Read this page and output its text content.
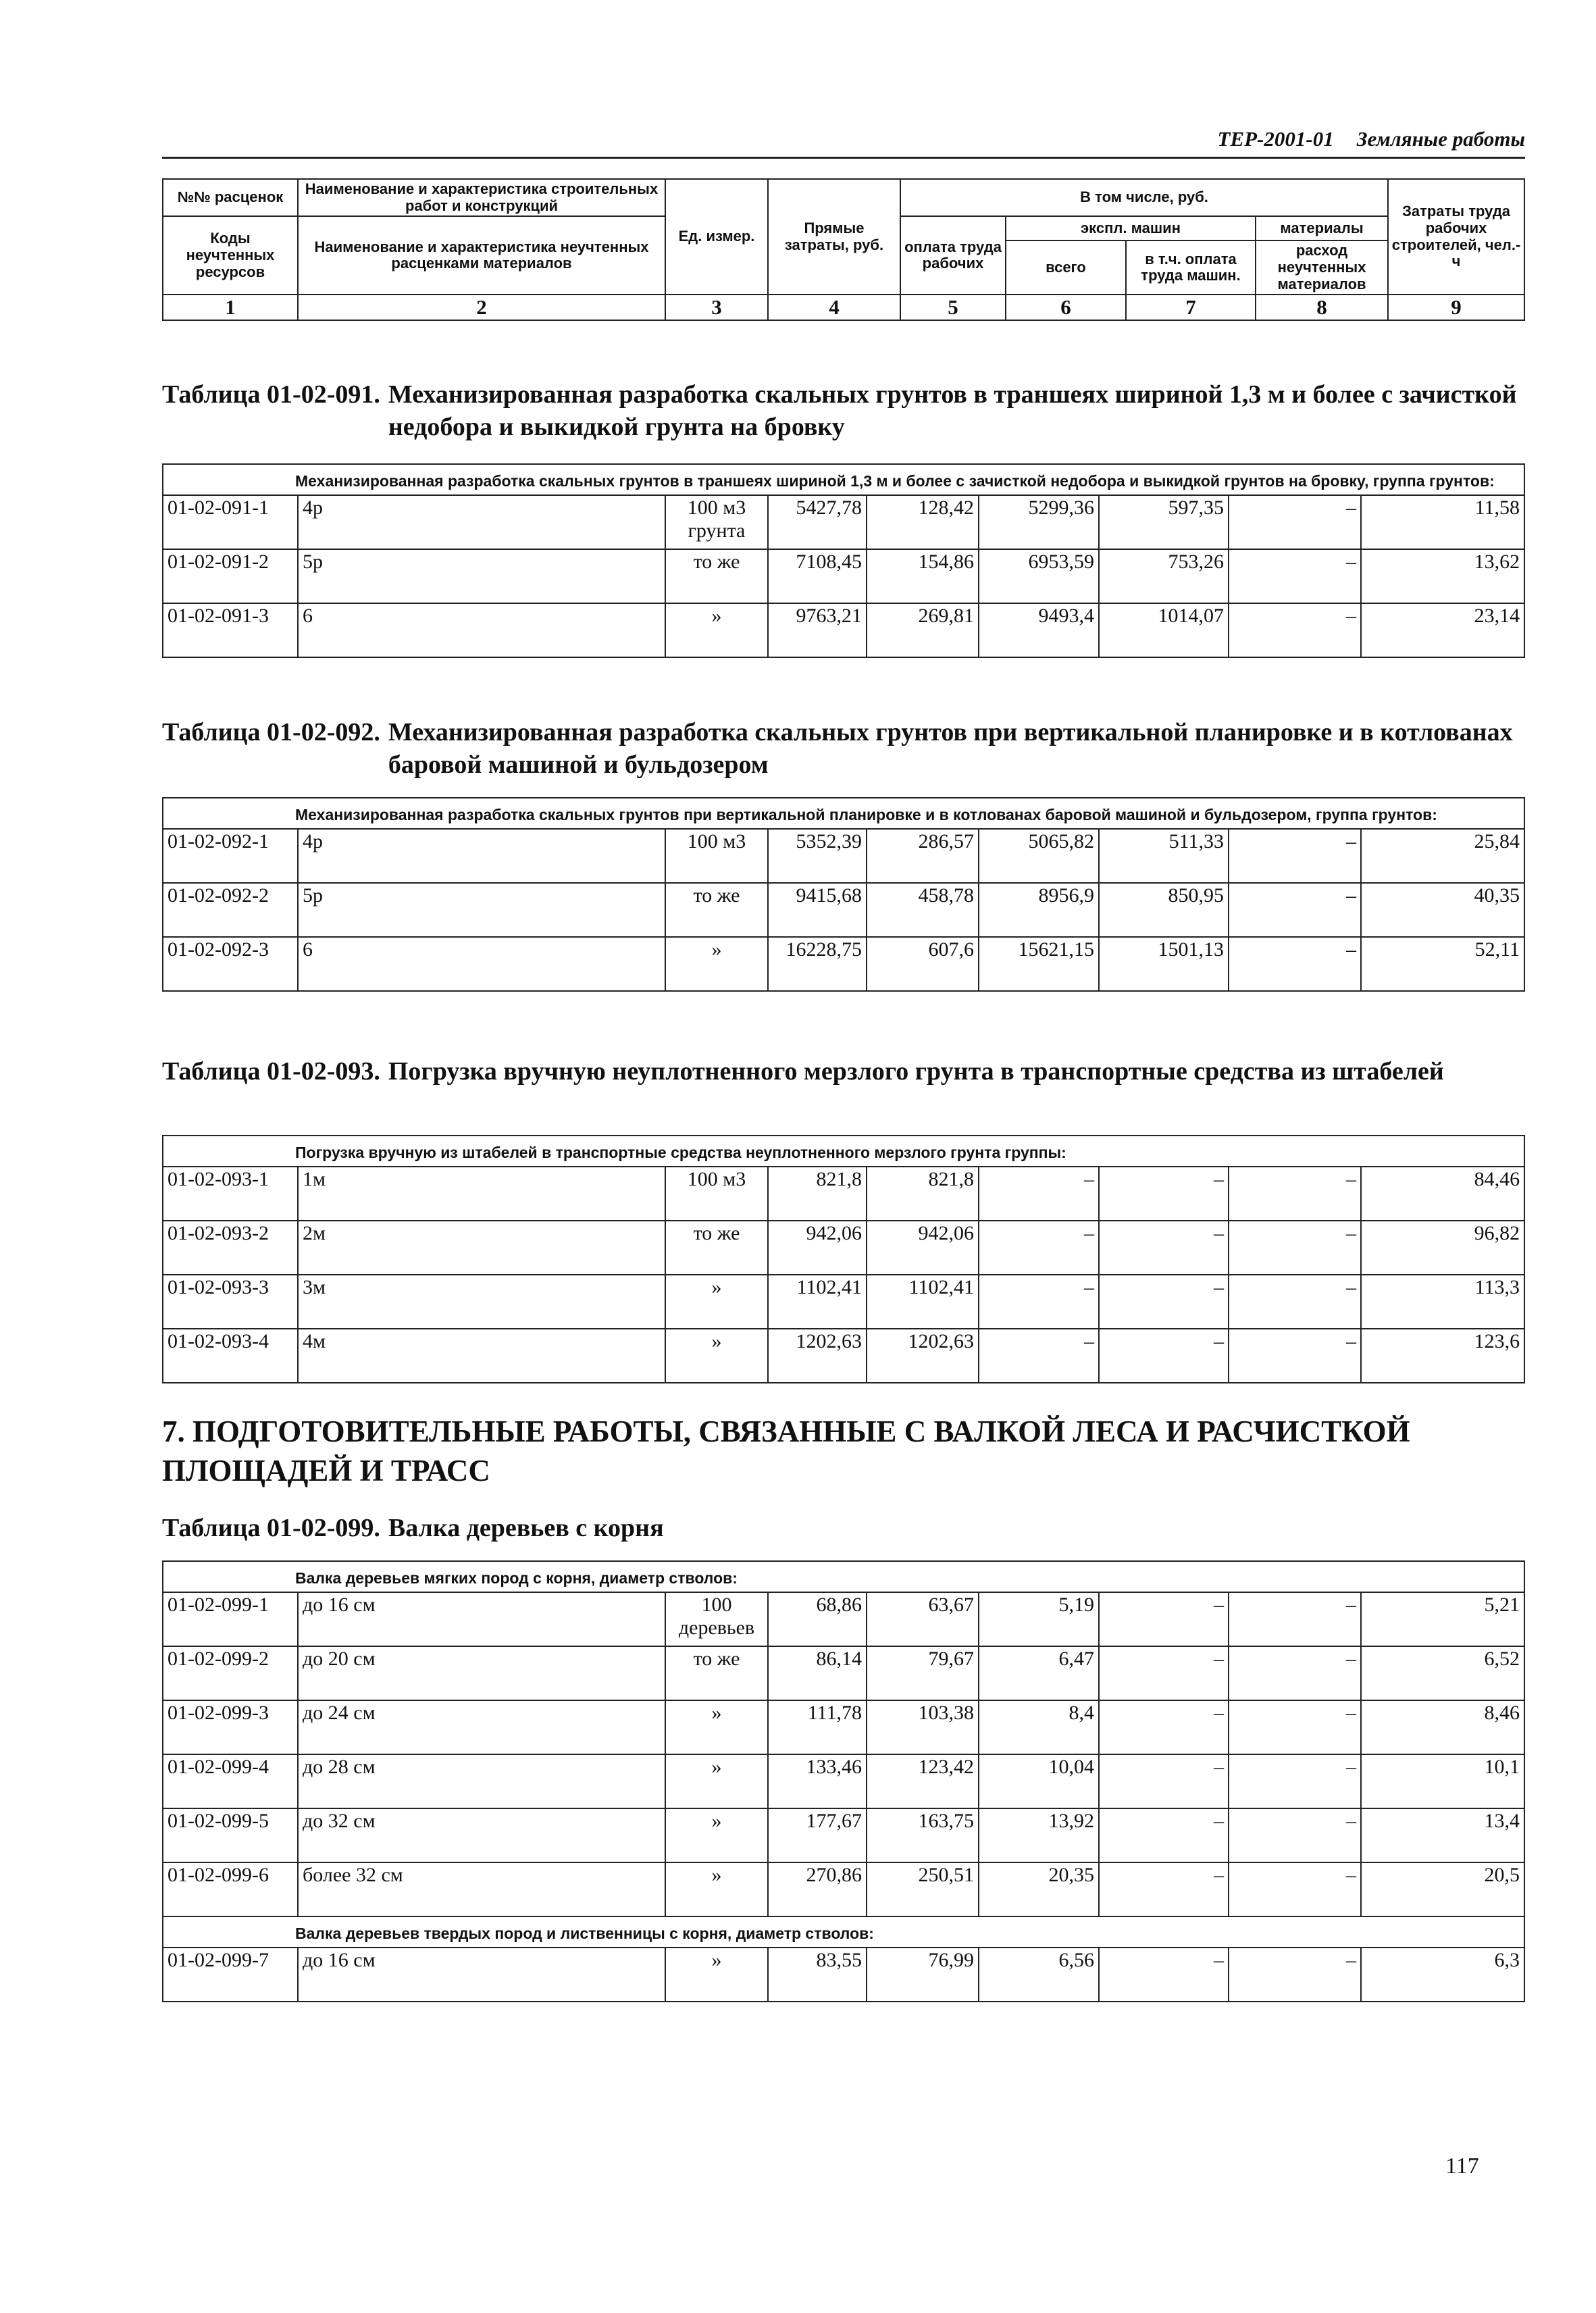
ТЕР-2001-01 Земляные работы
№№ расценок	Наименование и характеристика строительных работ и конструкций	Ед. измер.	Прямые затраты, руб.	В том числе, руб.				Затраты труда рабочих строителей, чел.-ч
Коды неучтенных ресурсов	Наименование и характеристика неучтенных расценками материалов			оплата труда рабочих	экспл. машин		материалы	
					всего	в т.ч. оплата труда машин.	расход неучтенных материалов	

1	2	3	4	5	6	7	8	9
Таблица 01-02-091. Механизированная разработка скальных грунтов в траншеях шириной 1,3 м и более с зачисткой недобора и выкидкой грунта на бровку
Механизированная разработка скальных грунтов в траншеях шириной 1,3 м и более с зачисткой недобора и выкидкой грунтов на бровку, группа грунтов:								
01-02-091-1	4р	100 м3 грунта	5427,78	128,42	5299,36	597,35	–	11,58
01-02-091-2	5р	то же	7108,45	154,86	6953,59	753,26	–	13,62
01-02-091-3	6	»	9763,21	269,81	9493,4	1014,07	–	23,14
Таблица 01-02-092. Механизированная разработка скальных грунтов при вертикальной планировке и в котлованах баровой машиной и бульдозером
Механизированная разработка скальных грунтов при вертикальной планировке и в котлованах баровой машиной и бульдозером, группа грунтов:								
01-02-092-1	4р	100 м3	5352,39	286,57	5065,82	511,33	–	25,84
01-02-092-2	5р	то же	9415,68	458,78	8956,9	850,95	–	40,35
01-02-092-3	6	»	16228,75	607,6	15621,15	1501,13	–	52,11
Таблица 01-02-093. Погрузка вручную неуплотненного мерзлого грунта в транспортные средства из штабелей
Погрузка вручную из штабелей в транспортные средства неуплотненного мерзлого грунта группы:								
01-02-093-1	1м	100 м3	821,8	821,8	–	–	–	84,46
01-02-093-2	2м	то же	942,06	942,06	–	–	–	96,82
01-02-093-3	3м	»	1102,41	1102,41	–	–	–	113,3
01-02-093-4	4м	»	1202,63	1202,63	–	–	–	123,6
7. ПОДГОТОВИТЕЛЬНЫЕ РАБОТЫ, СВЯЗАННЫЕ С ВАЛКОЙ ЛЕСА И РАСЧИСТКОЙ ПЛОЩАДЕЙ И ТРАСС
Таблица 01-02-099. Валка деревьев с корня
Валка деревьев мягких пород с корня, диаметр стволов:								
01-02-099-1	до 16 см	100 деревьев	68,86	63,67	5,19	–	–	5,21
01-02-099-2	до 20 см	то же	86,14	79,67	6,47	–	–	6,52
01-02-099-3	до 24 см	»	111,78	103,38	8,4	–	–	8,46
01-02-099-4	до 28 см	»	133,46	123,42	10,04	–	–	10,1
01-02-099-5	до 32 см	»	177,67	163,75	13,92	–	–	13,4
01-02-099-6	более 32 см	»	270,86	250,51	20,35	–	–	20,5
Валка деревьев твердых пород и лиственницы с корня, диаметр стволов:								
01-02-099-7	до 16 см	»	83,55	76,99	6,56	–	–	6,3
117
